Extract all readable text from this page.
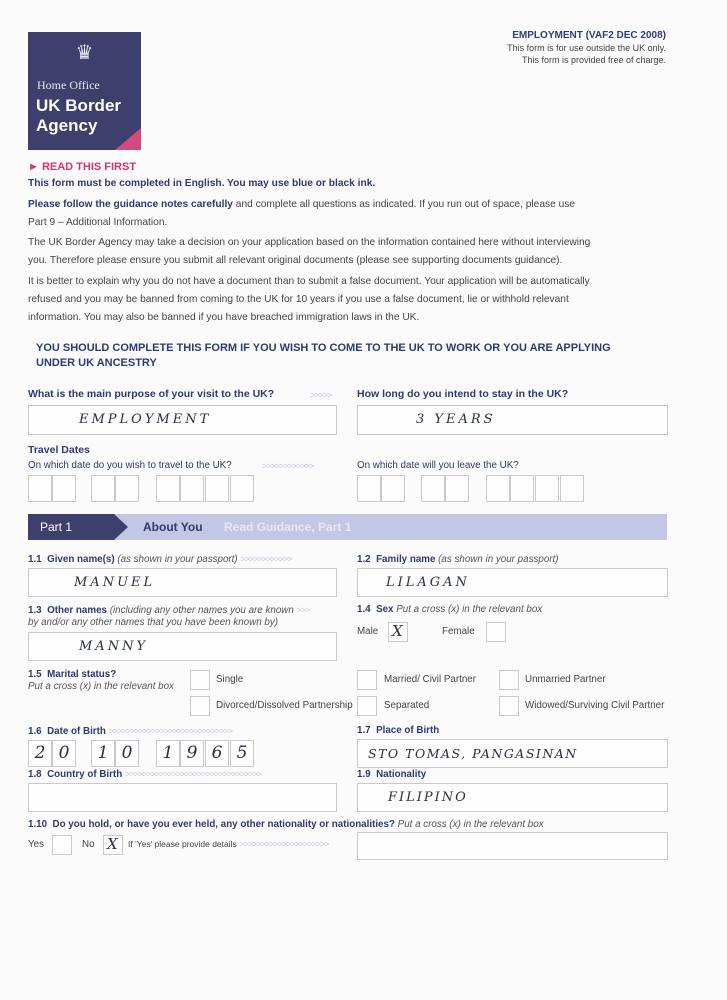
♛
Home Office
UK Border
Agency
EMPLOYMENT (VAF2 DEC 2008)
This form is for use outside the UK only.
This form is provided free of charge.
► READ THIS FIRST
This form must be completed in English. You may use blue or black ink.
Please follow the guidance notes carefully and complete all questions as indicated. If you run out of space, please use
Part 9 – Additional Information.
The UK Border Agency may take a decision on your application based on the information contained here without interviewing
you. Therefore please ensure you submit all relevant original documents (please see supporting documents guidance).
It is better to explain why you do not have a document than to submit a false document. Your application will be automatically
refused and you may be banned from coming to the UK for 10 years if you use a false document, lie or withhold relevant
information. You may also be banned if you have breached immigration laws in the UK.
YOU SHOULD COMPLETE THIS FORM IF YOU WISH TO COME TO THE UK TO WORK OR YOU ARE APPLYING
UNDER UK ANCESTRY
What is the main purpose of your visit to the UK?	>>>>>
EMPLOYMENT
How long do you intend to stay in the UK?
3 YEARS
Travel Dates
On which date do you wish to travel to the UK?	>>>>>>>>>>>>	On which date will you leave the UK?
Part 1	About You Read Guidance, Part 1
1.1 Given name(s) (as shown in your passport) >>>>>>>>>>>>
MANUEL
1.2 Family name (as shown in your passport)
LILAGAN
1.3 Other names (including any other names you are known >>>
by and/or any other names that you have been known by)
MANNY
1.4 Sex Put a cross (x) in the relevant box
Male X	Female
1.5 Marital status?
Put a cross (x) in the relevant box
Single	Married/ Civil Partner	Unmarried Partner
Divorced/Dissolved Partnership	Separated	Widowed/Surviving Civil Partner
1.6 Date of Birth >>>>>>>>>>>>>>>>>>>>>>>>>>>>>
2 0	1 0	1 9 6 5
1.7 Place of Birth
STO TOMAS, PANGASINAN
1.8 Country of Birth >>>>>>>>>>>>>>>>>>>>>>>>>>>>>>>>	1.9 Nationality
FILIPINO
1.10 Do you hold, or have you ever held, any other nationality or nationalities? Put a cross (x) in the relevant box
Yes	No X If 'Yes' please provide details >>>>>>>>>>>>>>>>>>>>>
